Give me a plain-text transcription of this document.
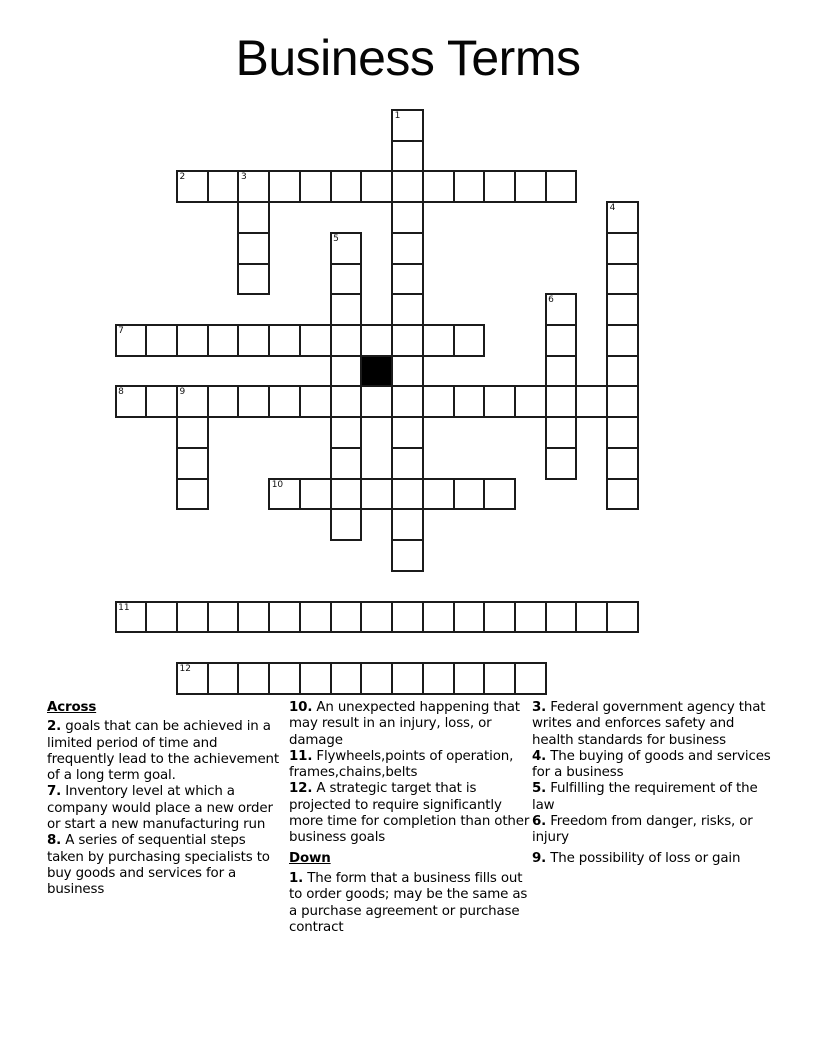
Business Terms
1
2	3
4
5
6
7
8	9
10
11
12
Across
2. goals that can be achieved in a limited period of time and frequently lead to the achievement of a long term goal.
7. Inventory level at which a company would place a new order or start a new manufacturing run
8. A series of sequential steps taken by purchasing specialists to buy goods and services for a business
10. An unexpected happening that may result in an injury, loss, or damage
11. Flywheels,points of operation, frames,chains,belts
12. A strategic target that is projected to require significantly more time for completion than other business goals
Down
1. The form that a business fills out to order goods; may be the same as a purchase agreement or purchase contract
3. Federal government agency that writes and enforces safety and health standards for business
4. The buying of goods and services for a business
5. Fulfilling the requirement of the law
6. Freedom from danger, risks, or injury
9. The possibility of loss or gain
